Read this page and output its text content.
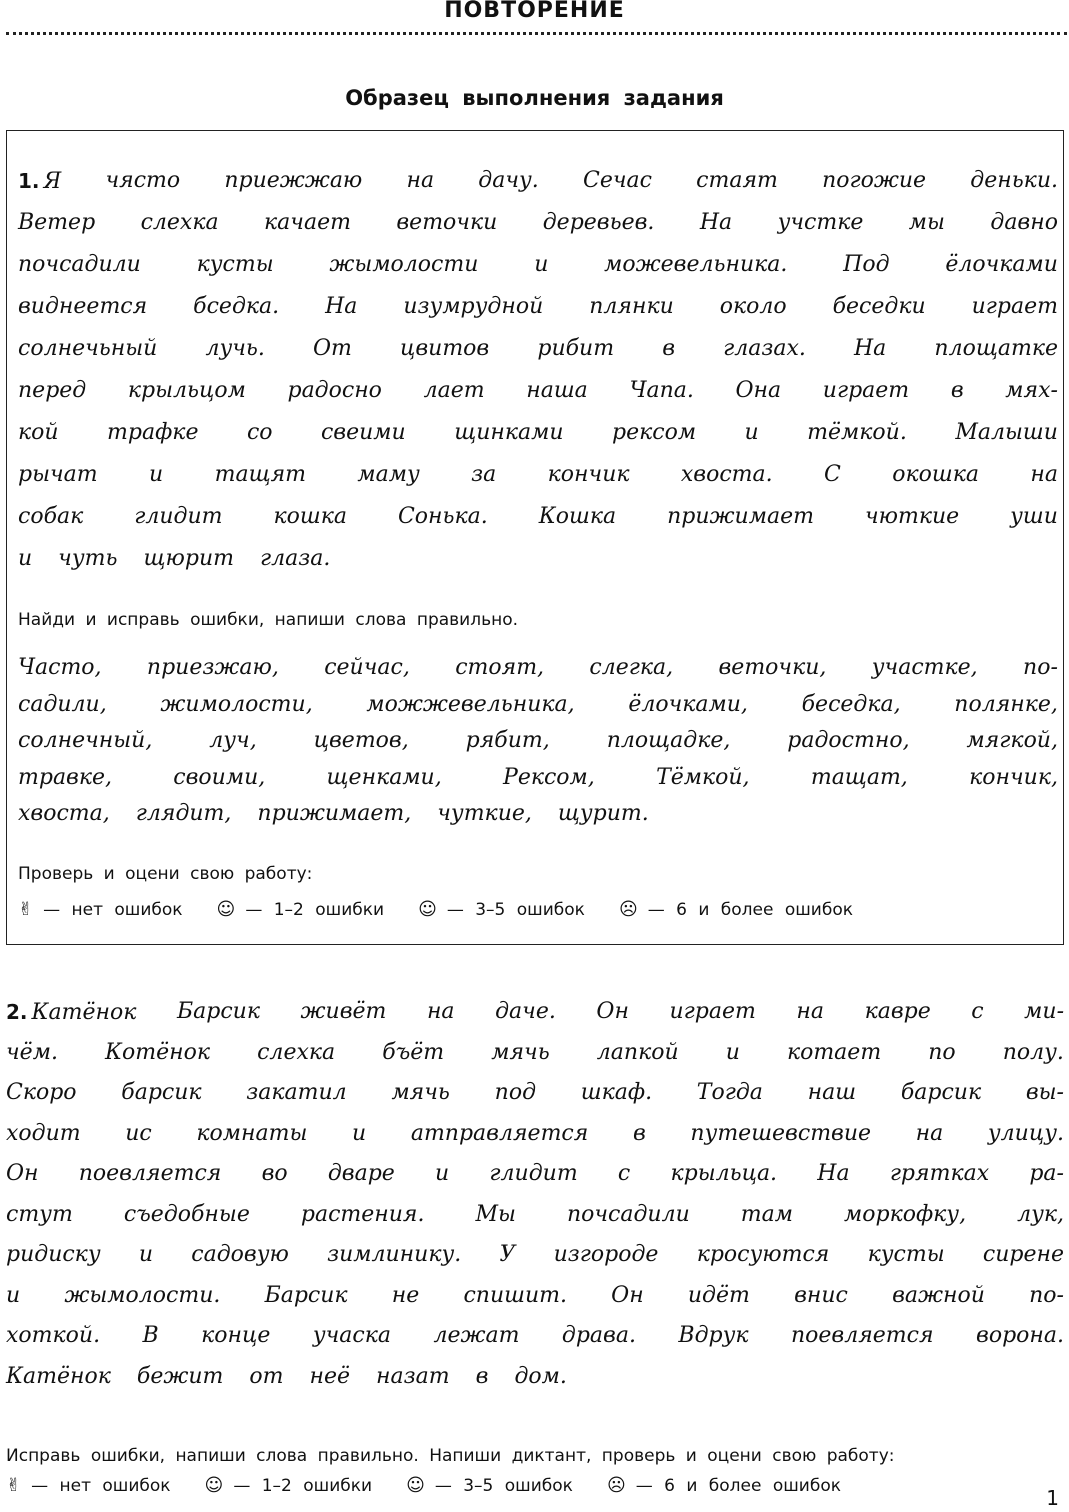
ПОВТОРЕНИЕ
Образец выполнения задания
1. Я чясто приежжаю на дачу. Сечас стаят погожие деньки.
Ветер слехка качает веточки деревьев. На учстке мы давно
почсадили	кусты	жымолости	и	можевельника.	Под	ёлочками
виднеется бседка. На изумрудной плянки около беседки играет
солнечьный лучь. От цвитов рибит в глазах. На площатке
перед крыльцом радосно лает наша Чапа. Она играет в мях-
кой трафке со свеими щинками рексом и тёмкой. Малыши
рычат и тащят маму за кончик хвоста. С окошка на
собак глидит кошка Сонька. Кошка прижимает чюткие уши
и чуть щюрит глаза.
Найди и исправь ошибки, напиши слова правильно.
Часто, приезжаю, сейчас, стоят, слегка, веточки, участке, по-
садили, жимолости, можжевельника, ёлочками, беседка, полянке,
солнечный,	луч,	цветов,	рябит,	площадке,	радостно,	мягкой,
травке,	своими,	щенками,	Рексом,	Тёмкой,	тащат,	кончик,
хвоста, глядит, прижимает, чуткие, щурит.
Проверь и оцени свою работу:
✌ — нет ошибок ☺ — 1–2 ошибки ☺ — 3–5 ошибок ☹ — 6 и более ошибок
2. Катёнок Барсик живёт на даче. Он играет на кавре с ми-
чём. Котёнок слехка бъёт мячь лапкой и котает по полу.
Скоро барсик закатил мячь под шкаф. Тогда наш барсик вы-
ходит ис комнаты и атправляется в путешевствие на улицу.
Он поевляется во дваре и глидит с крыльца. На грятках ра-
стут съедобные растения. Мы почсадили там моркофку, лук,
ридиску и садовую зимлинику. У изгороде кросуются кусты сирене
и жымолости. Барсик не спишит. Он идёт внис важной по-
хоткой. В конце учаска лежат драва. Вдрук поевляется ворона.
Катёнок бежит от неё назат в дом.
Исправь ошибки, напиши слова правильно. Напиши диктант, проверь и оцени свою работу:
✌ — нет ошибок ☺ — 1–2 ошибки ☺ — 3–5 ошибок ☹ — 6 и более ошибок
1
